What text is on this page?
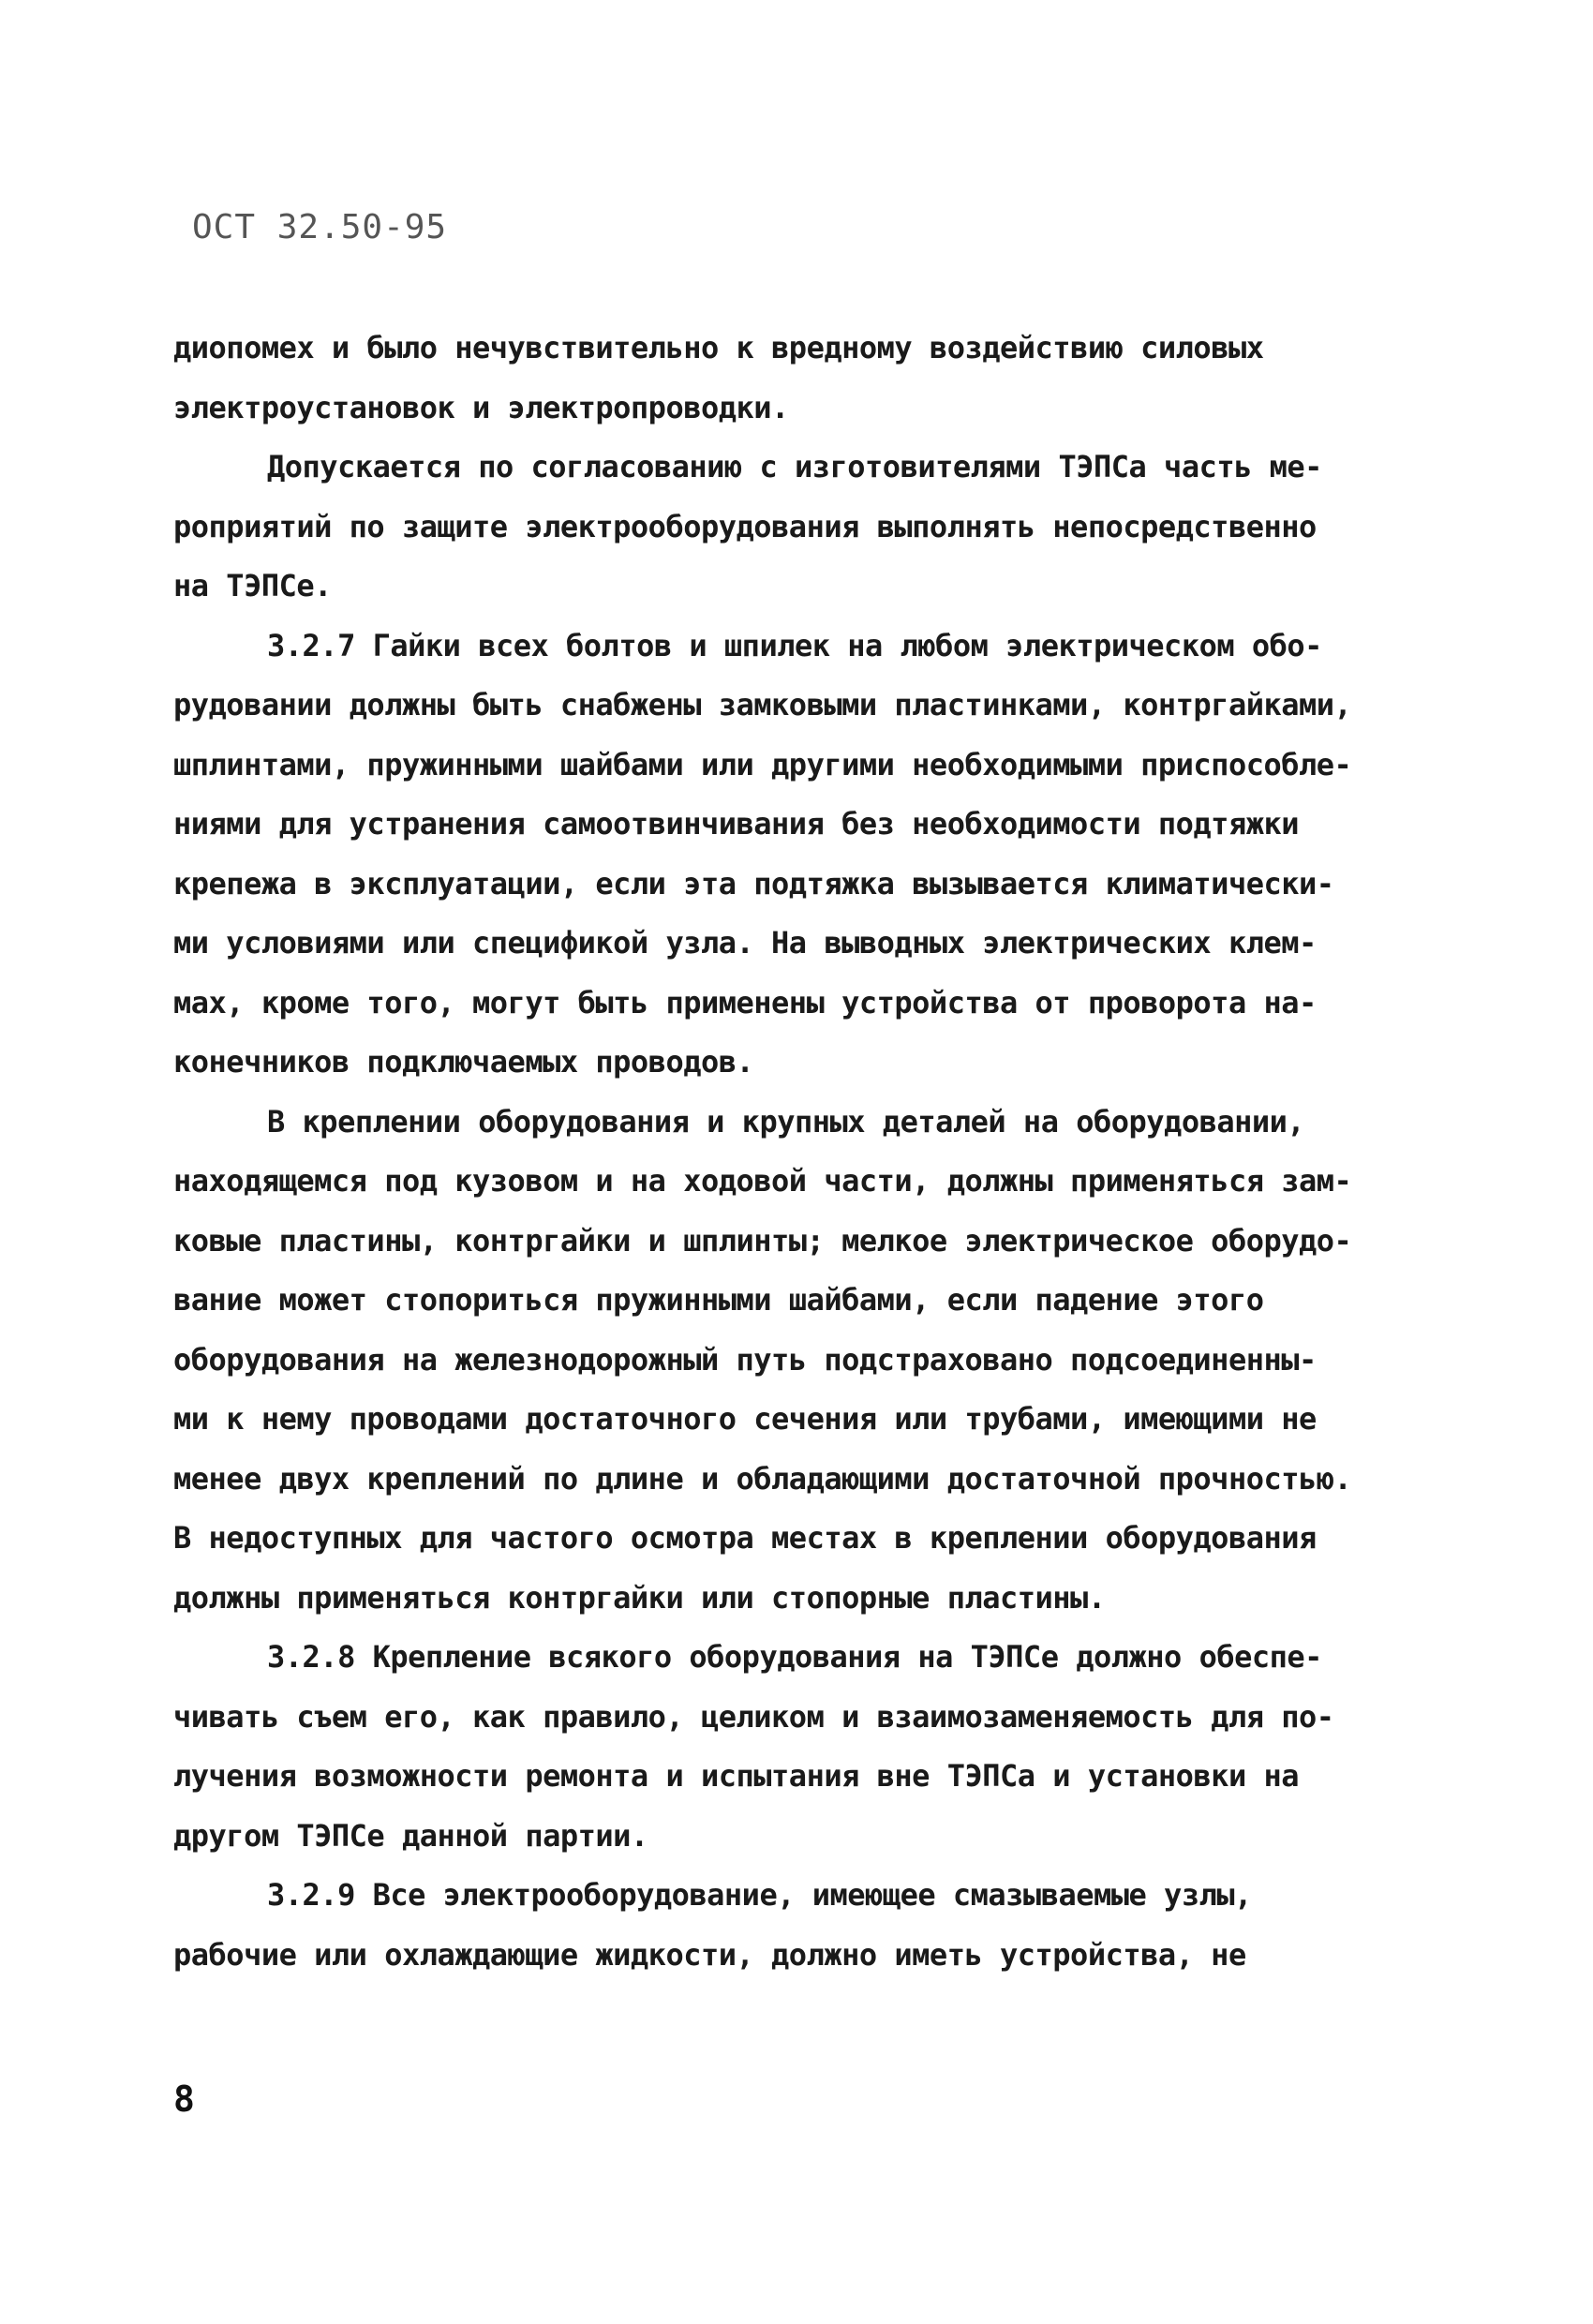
ОСТ 32.50-95
диопомех и было нечувствительно к вредному воздействию силовых
электроустановок и электропроводки.
Допускается по согласованию с изготовителями ТЭПСа часть ме-
роприятий по защите электрооборудования выполнять непосредственно
на ТЭПСе.
3.2.7 Гайки всех болтов и шпилек на любом электрическом обо-
рудовании должны быть снабжены замковыми пластинками, контргайками,
шплинтами, пружинными шайбами или другими необходимыми приспособле-
ниями для устранения самоотвинчивания без необходимости подтяжки
крепежа в эксплуатации, если эта подтяжка вызывается климатически-
ми условиями или спецификой узла. На выводных электрических клем-
мах, кроме того, могут быть применены устройства от проворота на-
конечников подключаемых проводов.
В креплении оборудования и крупных деталей на оборудовании,
находящемся под кузовом и на ходовой части, должны применяться зам-
ковые пластины, контргайки и шплинты; мелкое электрическое оборудо-
вание может стопориться пружинными шайбами, если падение этого
оборудования на железнодорожный путь подстраховано подсоединенны-
ми к нему проводами достаточного сечения или трубами, имеющими не
менее двух креплений по длине и обладающими достаточной прочностью.
В недоступных для частого осмотра местах в креплении оборудования
должны применяться контргайки или стопорные пластины.
3.2.8 Крепление всякого оборудования на ТЭПСе должно обеспе-
чивать съем его, как правило, целиком и взаимозаменяемость для по-
лучения возможности ремонта и испытания вне ТЭПСа и установки на
другом ТЭПСе данной партии.
3.2.9 Все электрооборудование, имеющее смазываемые узлы,
рабочие или охлаждающие жидкости, должно иметь устройства, не
8
